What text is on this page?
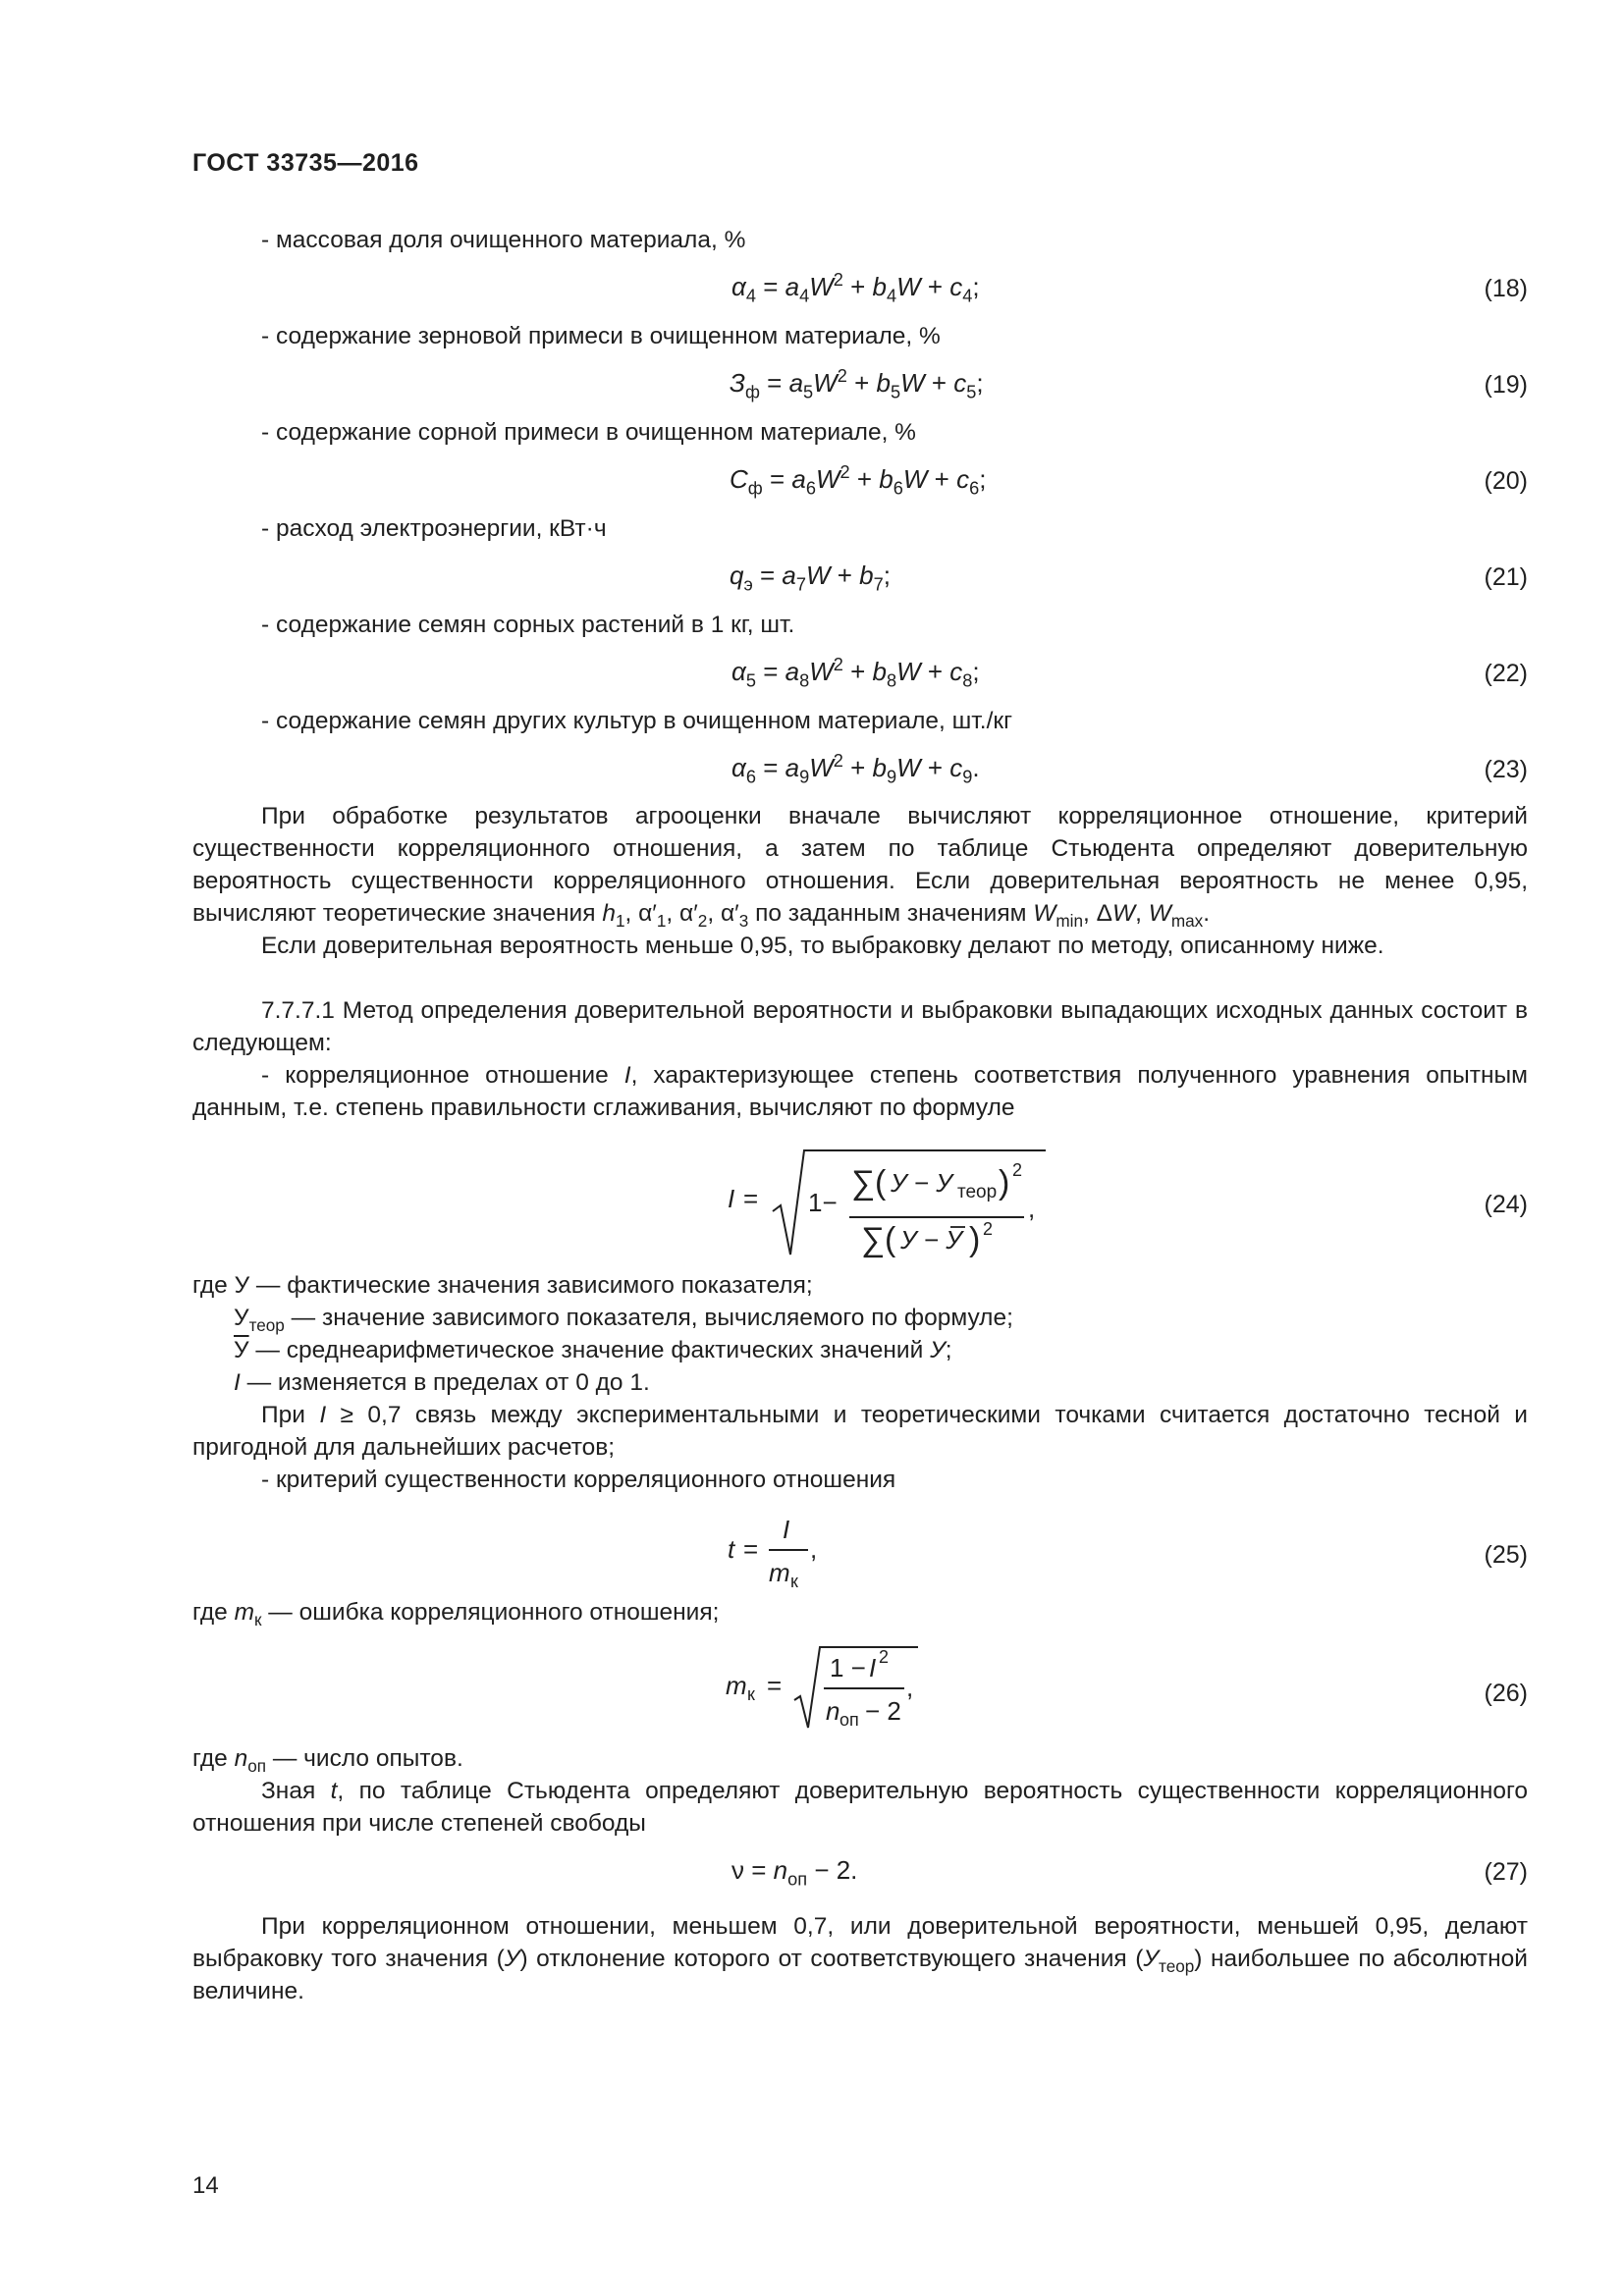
ГОСТ 33735—2016
- массовая доля очищенного материала, %
$\alpha_4 = a_4W^2 + b_4W + c_4$;	(18)
- содержание зерновой примеси в очищенном материале, %
$З_ф = a_5W^2 + b_5W + c_5$;	(19)
- содержание сорной примеси в очищенном материале, %
$С_ф = a_6W^2 + b_6W + c_6$;	(20)
- расход электроэнергии, кВт·ч
$q_э = a_7W + b_7$;	(21)
- содержание семян сорных растений в 1 кг, шт.
$\alpha_5 = a_8W^2 + b_8W + c_8$;	(22)
- содержание семян других культур в очищенном материале, шт./кг
$\alpha_6 = a_9W^2 + b_9W + c_9$.	(23)

При обработке результатов агрооценки вначале вычисляют корреляционное отношение, критерий существенности корреляционного отношения, а затем по таблице Стьюдента определяют доверительную вероятность существенности корреляционного отношения. Если доверительная вероятность не менее 0,95, вычисляют теоретические значения $h_1$, $\alpha'_1$, $\alpha'_2$, $\alpha'_3$ по заданным значениям $W_{min}$, ΔW, $W_{max}$.

Если доверительная вероятность меньше 0,95, то выбраковку делают по методу, описанному ниже.

7.7.7.1 Метод определения доверительной вероятности и выбраковки выпадающих исходных данных состоит в следующем:

- корреляционное отношение I, характеризующее степень соответствия полученного уравнения опытным данным, т.е. степень правильности сглаживания, вычисляют по формуле

I = 1−
∑ ( У − У теор ) 2
∑ ( У − У ) 2
,	(24)
где У — фактические значения зависимого показателя;
$У_{теор}$ — значение зависимого показателя, вычисляемого по формуле;
У — среднеарифметическое значение фактических значений У;
I — изменяется в пределах от 0 до 1.

При I ≥ 0,7 связь между экспериментальными и теоретическими точками считается достаточно тесной и пригодной для дальнейших расчетов;

- критерий существенности корреляционного отношения
t =
I
m к
,	(25)
где $m_к$ — ошибка корреляционного отношения;
m к =
1 − I 2
n оп − 2
,	(26)
где $n_{оп}$ — число опытов.

Зная t, по таблице Стьюдента определяют доверительную вероятность существенности корреляционного отношения при числе степеней свободы

$\nu = n_{оп} - 2$.	(27)

При корреляционном отношении, меньшем 0,7, или доверительной вероятности, меньшей 0,95, делают выбраковку того значения (У) отклонение которого от соответствующего значения $(У_{теор})$ наибольшее по абсолютной величине.

14
